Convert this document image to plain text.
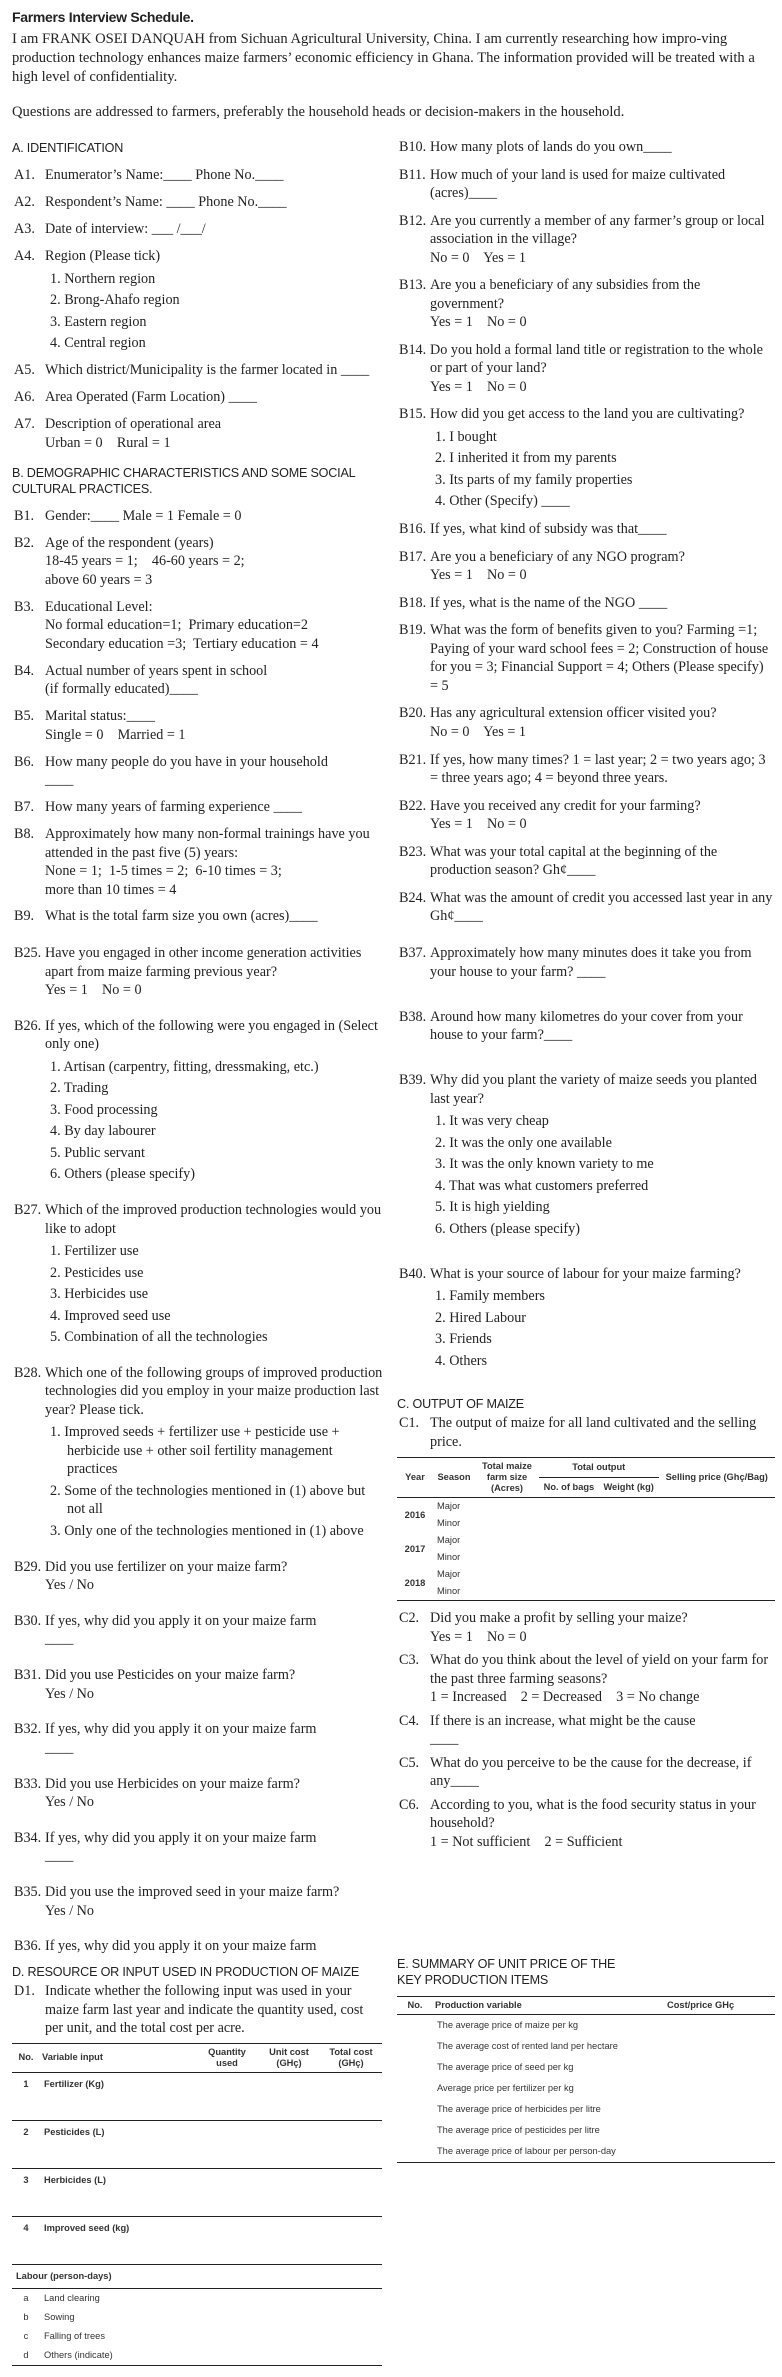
Farmers Interview Schedule.

I am FRANK OSEI DANQUAH from Sichuan Agricultural University, China. I am currently researching how impro-ving production technology enhances maize farmers’ economic efficiency in Ghana. The information provided will be treated with a high level of confidentiality.

Questions are addressed to farmers, preferably the household heads or decision-makers in the household.

A. IDENTIFICATION
A1. Enumerator’s Name:____ Phone No.____
A2. Respondent’s Name: ____ Phone No.____
A3. Date of interview: ___ /___/
A4. Region (Please tick)
1. Northern region
2. Brong-Ahafo region
3. Eastern region
4. Central region
A5. Which district/Municipality is the farmer located in ____
A6. Area Operated (Farm Location) ____
A7. Description of operational area
Urban = 0    Rural = 1
B. DEMOGRAPHIC CHARACTERISTICS AND SOME SOCIAL CULTURAL PRACTICES.
B1. Gender:____ Male = 1 Female = 0
B2. Age of the respondent (years)
18-45 years = 1;    46-60 years = 2;
above 60 years = 3
B3. Educational Level:
No formal education=1;  Primary education=2
Secondary education =3;  Tertiary education = 4
B4. Actual number of years spent in school
(if formally educated)____
B5. Marital status:____
Single = 0    Married = 1
B6. How many people do you have in your household
____
B7. How many years of farming experience ____
B8. Approximately how many non-formal trainings have you attended in the past five (5) years:
None = 1;  1-5 times = 2;  6-10 times = 3;
more than 10 times = 4
B9. What is the total farm size you own (acres)____
B10. How many plots of lands do you own____
B11. How much of your land is used for maize cultivated (acres)____
B12. Are you currently a member of any farmer’s group or local association in the village?
No = 0    Yes = 1
B13. Are you a beneficiary of any subsidies from the government?
Yes = 1    No = 0
B14. Do you hold a formal land title or registration to the whole or part of your land?
Yes = 1    No = 0
B15. How did you get access to the land you are cultivating?
1. I bought
2. I inherited it from my parents
3. Its parts of my family properties
4. Other (Specify) ____
B16. If yes, what kind of subsidy was that____
B17. Are you a beneficiary of any NGO program?
Yes = 1    No = 0
B18. If yes, what is the name of the NGO ____
B19. What was the form of benefits given to you? Farming =1; Paying of your ward school fees = 2; Construction of house for you = 3; Financial Support = 4; Others (Please specify) = 5
B20. Has any agricultural extension officer visited you?
No = 0    Yes = 1
B21. If yes, how many times? 1 = last year; 2 = two years ago; 3 = three years ago; 4 = beyond three years.
B22. Have you received any credit for your farming?
Yes = 1    No = 0
B23. What was your total capital at the beginning of the production season? Gh¢____
B24. What was the amount of credit you accessed last year in any Gh¢____
B25. Have you engaged in other income generation activities apart from maize farming previous year?
Yes = 1    No = 0
B26. If yes, which of the following were you engaged in (Select only one)
1. Artisan (carpentry, fitting, dressmaking, etc.)
2. Trading
3. Food processing
4. By day labourer
5. Public servant
6. Others (please specify)
B27. Which of the improved production technologies would you like to adopt
1. Fertilizer use
2. Pesticides use
3. Herbicides use
4. Improved seed use
5. Combination of all the technologies
B28. Which one of the following groups of improved production technologies did you employ in your maize production last year? Please tick.
1. Improved seeds + fertilizer use + pesticide use + herbicide use + other soil fertility management practices
2. Some of the technologies mentioned in (1) above but not all
3. Only one of the technologies mentioned in (1) above
B29. Did you use fertilizer on your maize farm?
Yes / No
B30. If yes, why did you apply it on your maize farm
____
B31. Did you use Pesticides on your maize farm?
Yes / No
B32. If yes, why did you apply it on your maize farm
____
B33. Did you use Herbicides on your maize farm?
Yes / No
B34. If yes, why did you apply it on your maize farm
____
B35. Did you use the improved seed in your maize farm?
Yes / No
B36. If yes, why did you apply it on your maize farm
B37. Approximately how many minutes does it take you from your house to your farm? ____
B38. Around how many kilometres do your cover from your house to your farm?____
B39. Why did you plant the variety of maize seeds you planted last year?
1. It was very cheap
2. It was the only one available
3. It was the only known variety to me
4. That was what customers preferred
5. It is high yielding
6. Others (please specify)
B40. What is your source of labour for your maize farming?
1. Family members
2. Hired Labour
3. Friends
4. Others
C. OUTPUT OF MAIZE
C1. The output of maize for all land cultivated and the selling price.
Year	Season	Total maize farm size (Acres)	Total output		Selling price (Ghç/Bag)
			No. of bags	Weight (kg)	
2016	Major				
	Minor				
2017	Major				
	Minor				
2018	Major				
	Minor				
C2. Did you make a profit by selling your maize?
Yes = 1    No = 0
C3. What do you think about the level of yield on your farm for the past three farming seasons?
1 = Increased    2 = Decreased    3 = No change
C4. If there is an increase, what might be the cause
____
C5. What do you perceive to be the cause for the decrease, if any____
C6. According to you, what is the food security status in your household?
1 = Not sufficient    2 = Sufficient
E. SUMMARY OF UNIT PRICE OF THE KEY PRODUCTION ITEMS
No.	Production variable	Cost/price GHç
	The average price of maize per kg	
	The average cost of rented land per hectare	
	The average price of seed per kg	
	Average price per fertilizer per kg	
	The average price of herbicides per litre	
	The average price of pesticides per litre	
	The average price of labour per person-day	
D. RESOURCE OR INPUT USED IN PRODUCTION OF MAIZE
D1. Indicate whether the following input was used in your maize farm last year and indicate the quantity used, cost per unit, and the total cost per acre.
No.	Variable input	Quantity used	Unit cost (GHç)	Total cost (GHç)
1	Fertilizer (Kg)			
2	Pesticides (L)			
3	Herbicides (L)			
4	Improved seed (kg)			
Labour (person-days)				
a	Land clearing			
b	Sowing			
c	Falling of trees			
d	Others (indicate)			
